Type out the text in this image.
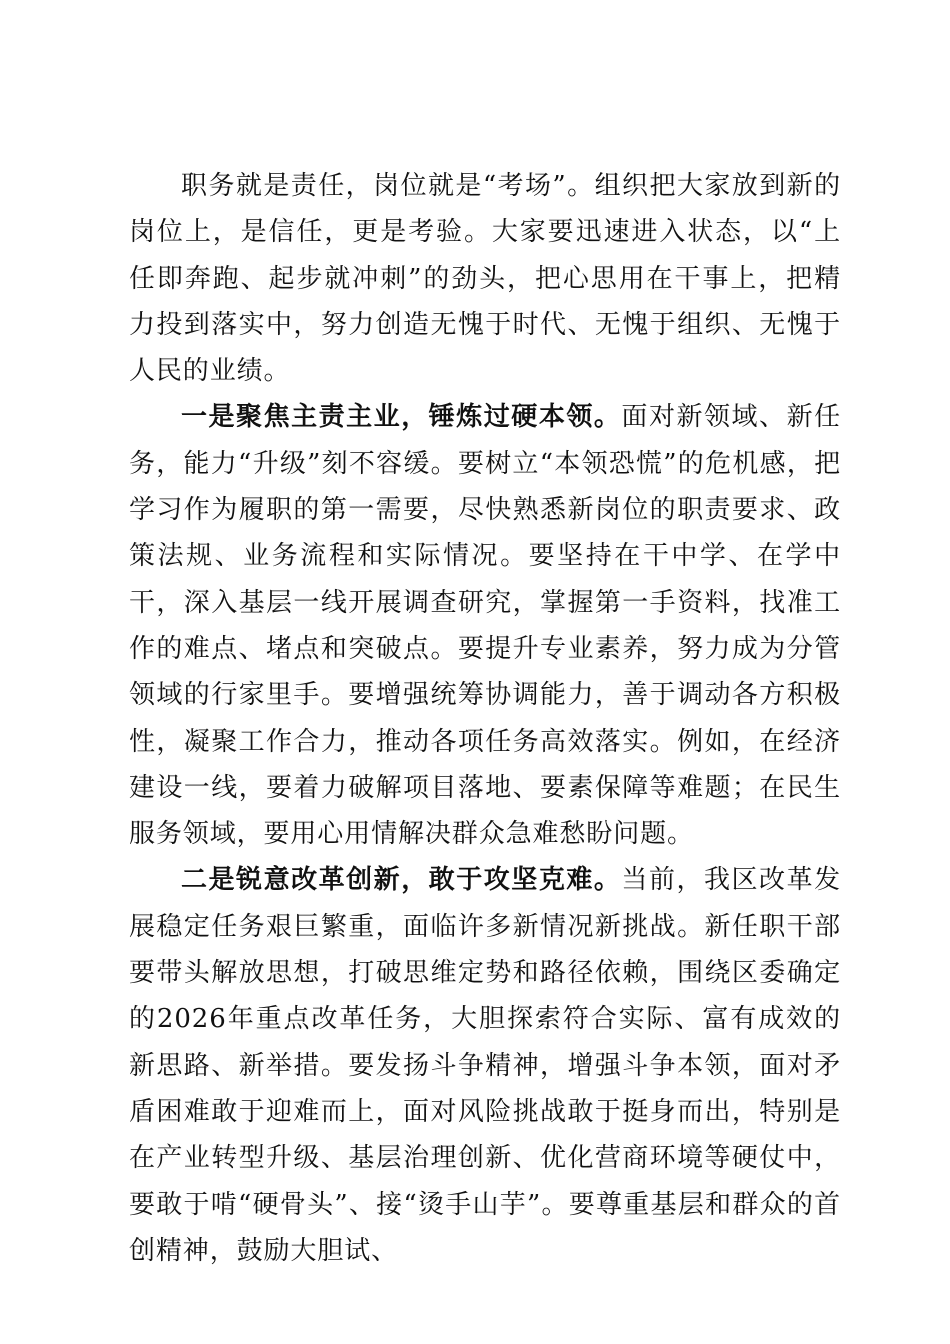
职务就是责任，岗位就是“考场”。组织把大家放到新的岗位上，是信任，更是考验。大家要迅速进入状态，以“上任即奔跑、起步就冲刺”的劲头，把心思用在干事上，把精力投到落实中，努力创造无愧于时代、无愧于组织、无愧于人民的业绩。

一是聚焦主责主业，锤炼过硬本领。面对新领域、新任务，能力“升级”刻不容缓。要树立“本领恐慌”的危机感，把学习作为履职的第一需要，尽快熟悉新岗位的职责要求、政策法规、业务流程和实际情况。要坚持在干中学、在学中干，深入基层一线开展调查研究，掌握第一手资料，找准工作的难点、堵点和突破点。要提升专业素养，努力成为分管领域的行家里手。要增强统筹协调能力，善于调动各方积极性，凝聚工作合力，推动各项任务高效落实。例如，在经济建设一线，要着力破解项目落地、要素保障等难题；在民生服务领域，要用心用情解决群众急难愁盼问题。

二是锐意改革创新，敢于攻坚克难。当前，我区改革发展稳定任务艰巨繁重，面临许多新情况新挑战。新任职干部要带头解放思想，打破思维定势和路径依赖，围绕区委确定的2026年重点改革任务，大胆探索符合实际、富有成效的新思路、新举措。要发扬斗争精神，增强斗争本领，面对矛盾困难敢于迎难而上，面对风险挑战敢于挺身而出，特别是在产业转型升级、基层治理创新、优化营商环境等硬仗中，要敢于啃“硬骨头”、接“烫手山芋”。要尊重基层和群众的首创精神，鼓励大胆试、
